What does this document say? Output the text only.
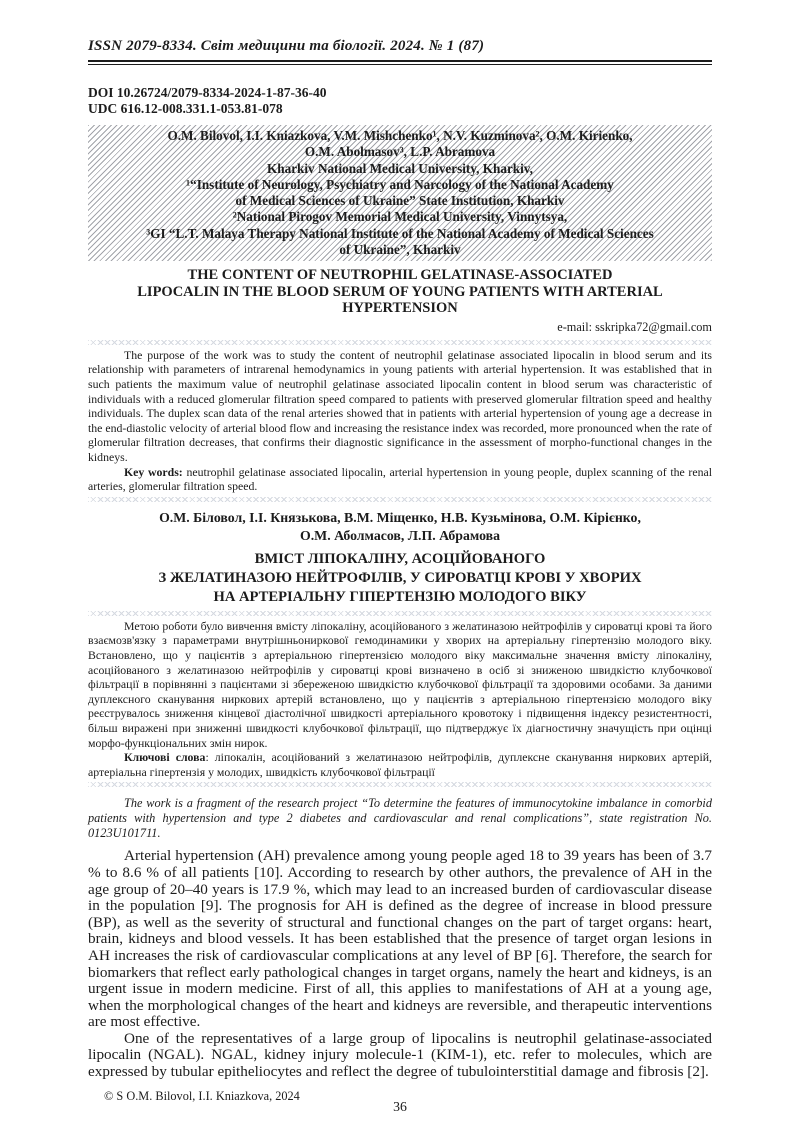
ISSN 2079-8334. Світ медицини та біології. 2024. № 1 (87)
DOI 10.26724/2079-8334-2024-1-87-36-40
UDC 616.12-008.331.1-053.81-078
O.M. Bilovol, I.I. Kniazkova, V.M. Mishchenko¹, N.V. Kuzminova², O.M. Kirienko,
O.M. Abolmasov³, L.P. Abramova
Kharkiv National Medical University, Kharkiv,
¹“Institute of Neurology, Psychiatry and Narcology of the National Academy
of Medical Sciences of Ukraine” State Institution, Kharkiv
²National Pirogov Memorial Medical University, Vinnytsya,
³GI “L.T. Malaya Therapy National Institute of the National Academy of Medical Sciences
of Ukraine”, Kharkiv
THE CONTENT OF NEUTROPHIL GELATINASE-ASSOCIATED
LIPOCALIN IN THE BLOOD SERUM OF YOUNG PATIENTS WITH ARTERIAL
HYPERTENSION
e-mail: sskripka72@gmail.com

The purpose of the work was to study the content of neutrophil gelatinase associated lipocalin in blood serum and its relationship with parameters of intrarenal hemodynamics in young patients with arterial hypertension. It was established that in such patients the maximum value of neutrophil gelatinase associated lipocalin content in blood serum was characteristic of individuals with a reduced glomerular filtration speed compared to patients with preserved glomerular filtration speed and healthy individuals. The duplex scan data of the renal arteries showed that in patients with arterial hypertension of young age a decrease in the end-diastolic velocity of arterial blood flow and increasing the resistance index was recorded, more pronounced when the rate of glomerular filtration decreases, that confirms their diagnostic significance in the assessment of morpho-functional changes in the kidneys.

Key words: neutrophil gelatinase associated lipocalin, arterial hypertension in young people, duplex scanning of the renal arteries, glomerular filtration speed.

О.М. Біловол, І.І. Князькова, В.М. Міщенко, Н.В. Кузьмінова, О.М. Кірієнко,
О.М. Аболмасов, Л.П. Абрамова
ВМІСТ ЛІПОКАЛІНУ, АСОЦІЙОВАНОГО
З ЖЕЛАТИНАЗОЮ НЕЙТРОФІЛІВ, У СИРОВАТЦІ КРОВІ У ХВОРИХ
НА АРТЕРІАЛЬНУ ГІПЕРТЕНЗІЮ МОЛОДОГО ВІКУ

Метою роботи було вивчення вмісту ліпокаліну, асоційованого з желатиназою нейтрофілів у сироватці крові та його взаємозв'язку з параметрами внутрішньониркової гемодинамики у хворих на артеріальну гіпертензію молодого віку. Встановлено, що у пацієнтів з артеріальною гіпертензією молодого віку максимальне значення вмісту ліпокаліну, асоційованого з желатиназою нейтрофілів у сироватці крові визначено в осіб зі зниженою швидкістю клубочкової фільтрації в порівнянні з пацієнтами зі збереженою швидкістю клубочкової фільтрації та здоровими особами. За даними дуплексного сканування ниркових артерій встановлено, що у пацієнтів з артеріальною гіпертензією молодого віку реєструвалось зниження кінцевої діастолічної швидкості артеріального кровотоку і підвищення індексу резистентності, більш виражені при зниженні швидкості клубочкової фільтрації, що підтверджує їх діагностичну значущість при оцінці морфо-функціональних змін нирок.

Ключові слова: ліпокалін, асоційований з желатиназою нейтрофілів, дуплексне сканування ниркових артерій, артеріальна гіпертензія у молодих, швидкість клубочкової фільтрації

The work is a fragment of the research project “To determine the features of immunocytokine imbalance in comorbid patients with hypertension and type 2 diabetes and cardiovascular and renal complications”, state registration No. 0123U101711.

Arterial hypertension (AH) prevalence among young people aged 18 to 39 years has been of 3.7 % to 8.6 % of all patients [10]. According to research by other authors, the prevalence of AH in the age group of 20–40 years is 17.9 %, which may lead to an increased burden of cardiovascular disease in the population [9]. The prognosis for AH is defined as the degree of increase in blood pressure (BP), as well as the severity of structural and functional changes on the part of target organs: heart, brain, kidneys and blood vessels. It has been established that the presence of target organ lesions in AH increases the risk of cardiovascular complications at any level of BP [6]. Therefore, the search for biomarkers that reflect early pathological changes in target organs, namely the heart and kidneys, is an urgent issue in modern medicine. First of all, this applies to manifestations of AH at a young age, when the morphological changes of the heart and kidneys are reversible, and therapeutic interventions are most effective.

One of the representatives of a large group of lipocalins is neutrophil gelatinase-associated lipocalin (NGAL). NGAL, kidney injury molecule-1 (KIM-1), etc. refer to molecules, which are expressed by tubular epitheliocytes and reflect the degree of tubulointerstitial damage and fibrosis [2].

© S O.M. Bilovol, I.I. Kniazkova, 2024
36
